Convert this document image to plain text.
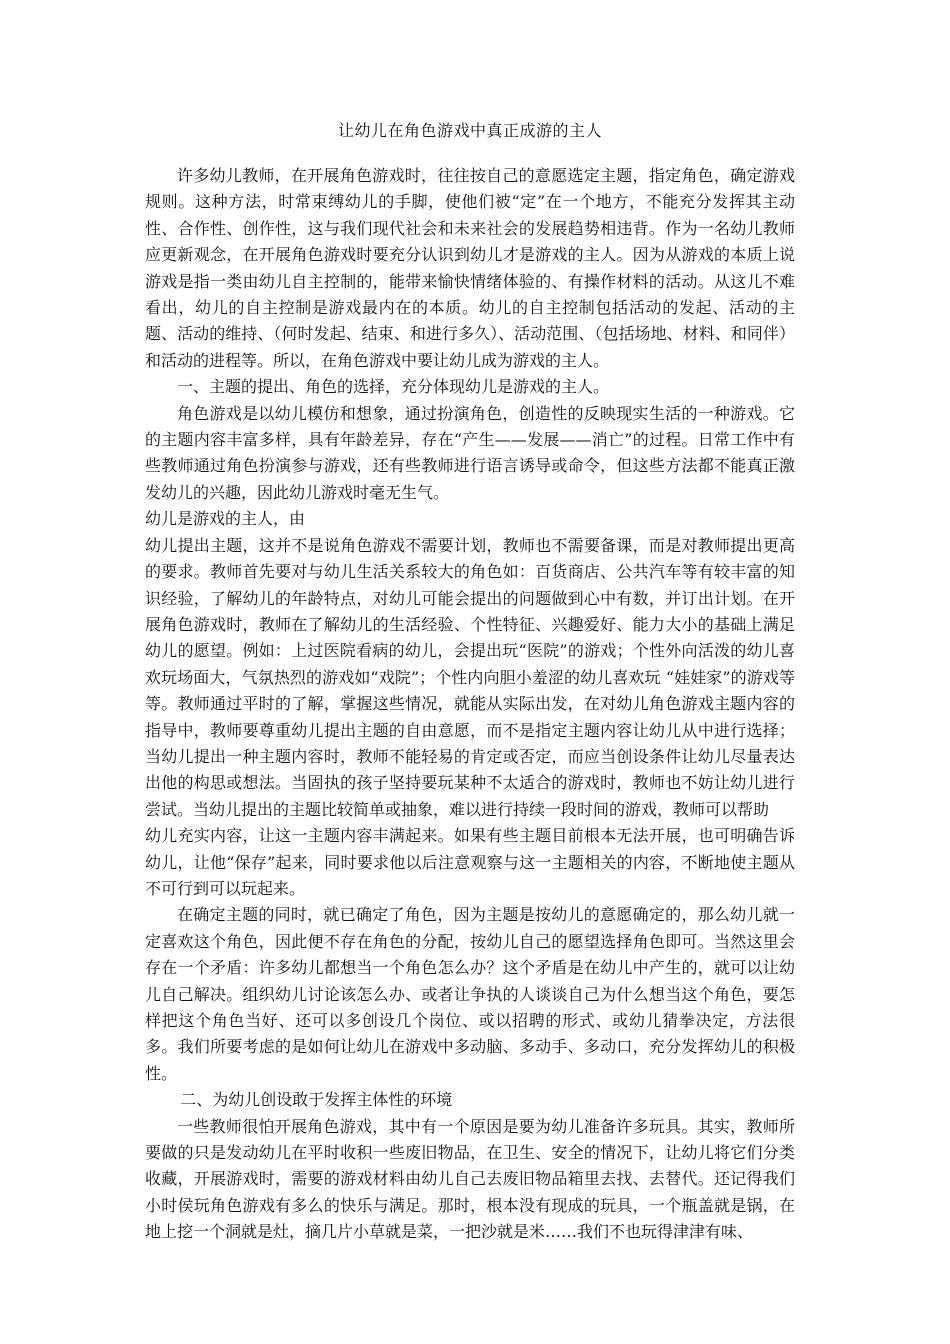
让幼儿在角色游戏中真正成游的主人

许多幼儿教师，在开展角色游戏时，往往按自己的意愿选定主题，指定角色，确定游戏规则。这种方法，时常束缚幼儿的手脚，使他们被“定”在一个地方，不能充分发挥其主动性、合作性、创作性，这与我们现代社会和未来社会的发展趋势相违背。作为一名幼儿教师应更新观念，在开展角色游戏时要充分认识到幼儿才是游戏的主人。因为从游戏的本质上说游戏是指一类由幼儿自主控制的，能带来愉快情绪体验的、有操作材料的活动。从这儿不难看出，幼儿的自主控制是游戏最内在的本质。幼儿的自主控制包括活动的发起、活动的主题、活动的维持、（何时发起、结束、和进行多久）、活动范围、（包括场地、材料、和同伴）和活动的进程等。所以，在角色游戏中要让幼儿成为游戏的主人。

一、主题的提出、角色的选择，充分体现幼儿是游戏的主人。

角色游戏是以幼儿模仿和想象，通过扮演角色，创造性的反映现实生活的一种游戏。它的主题内容丰富多样，具有年龄差异，存在“产生——发展——消亡”的过程。日常工作中有些教师通过角色扮演参与游戏，还有些教师进行语言诱导或命令，但这些方法都不能真正激发幼儿的兴趣，因此幼儿游戏时毫无生气。

幼儿是游戏的主人，由

幼儿提出主题，这并不是说角色游戏不需要计划，教师也不需要备课，而是对教师提出更高的要求。教师首先要对与幼儿生活关系较大的角色如：百货商店、公共汽车等有较丰富的知识经验，了解幼儿的年龄特点，对幼儿可能会提出的问题做到心中有数，并订出计划。在开展角色游戏时，教师在了解幼儿的生活经验、个性特征、兴趣爱好、能力大小的基础上满足幼儿的愿望。例如：上过医院看病的幼儿，会提出玩“医院”的游戏；个性外向活泼的幼儿喜欢玩场面大，气氛热烈的游戏如“戏院”；个性内向胆小羞涩的幼儿喜欢玩 “娃娃家”的游戏等等。教师通过平时的了解，掌握这些情况，就能从实际出发，在对幼儿角色游戏主题内容的指导中，教师要尊重幼儿提出主题的自由意愿，而不是指定主题内容让幼儿从中进行选择；当幼儿提出一种主题内容时，教师不能轻易的肯定或否定，而应当创设条件让幼儿尽量表达出他的构思或想法。当固执的孩子坚持要玩某种不太适合的游戏时，教师也不妨让幼儿进行尝试。当幼儿提出的主题比较简单或抽象，难以进行持续一段时间的游戏，教师可以帮助

幼儿充实内容，让这一主题内容丰满起来。如果有些主题目前根本无法开展，也可明确告诉幼儿，让他“保存”起来，同时要求他以后注意观察与这一主题相关的内容，不断地使主题从不可行到可以玩起来。

在确定主题的同时，就已确定了角色，因为主题是按幼儿的意愿确定的，那么幼儿就一定喜欢这个角色，因此便不存在角色的分配，按幼儿自己的愿望选择角色即可。当然这里会存在一个矛盾：许多幼儿都想当一个角色怎么办？这个矛盾是在幼儿中产生的，就可以让幼儿自己解决。组织幼儿讨论该怎么办、或者让争执的人谈谈自己为什么想当这个角色，要怎样把这个角色当好、还可以多创设几个岗位、或以招聘的形式、或幼儿猜拳决定，方法很多。我们所要考虑的是如何让幼儿在游戏中多动脑、多动手、多动口，充分发挥幼儿的积极性。

二、为幼儿创设敢于发挥主体性的环境

一些教师很怕开展角色游戏，其中有一个原因是要为幼儿准备许多玩具。其实，教师所要做的只是发动幼儿在平时收积一些废旧物品，在卫生、安全的情况下，让幼儿将它们分类收藏，开展游戏时，需要的游戏材料由幼儿自己去废旧物品箱里去找、去替代。还记得我们小时侯玩角色游戏有多么的快乐与满足。那时，根本没有现成的玩具，一个瓶盖就是锅，在地上挖一个洞就是灶，摘几片小草就是菜，一把沙就是米……我们不也玩得津津有味、
